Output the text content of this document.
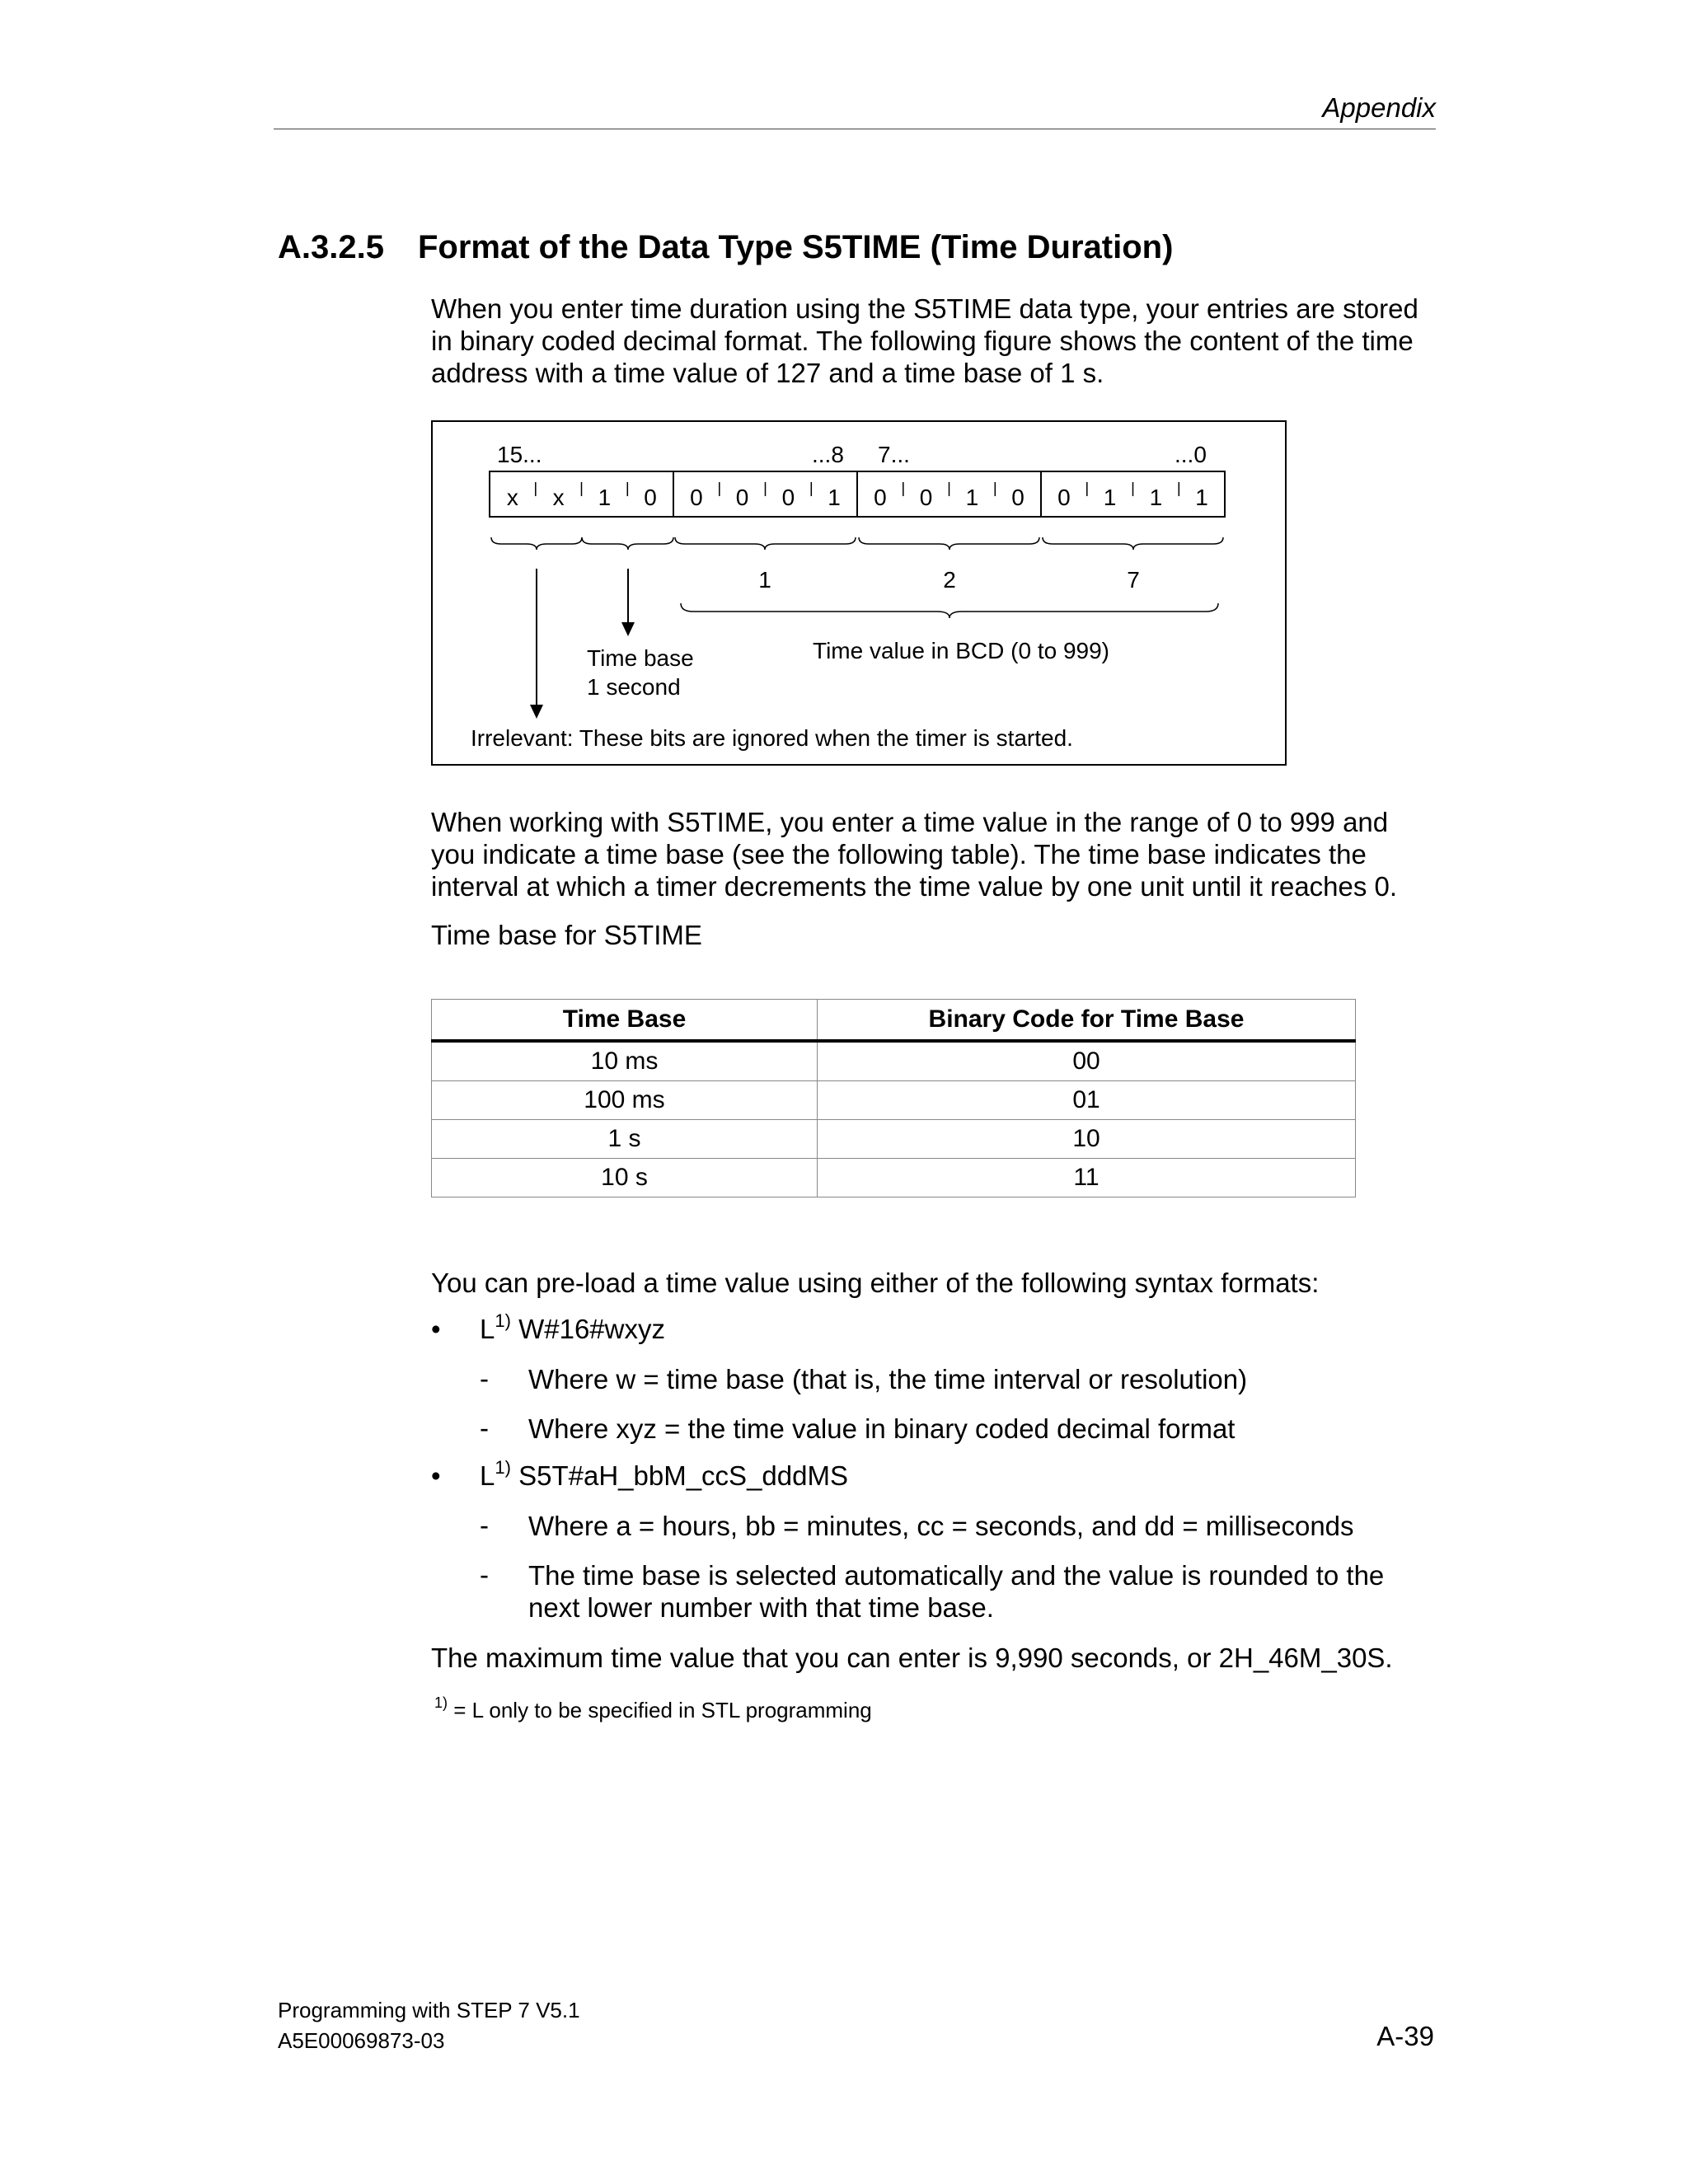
Appendix
A.3.2.5 Format of the Data Type S5TIME (Time Duration)
When you enter time duration using the S5TIME data type, your entries are stored in binary coded decimal format. The following figure shows the content of the time address with a time value of 127 and a time base of 1 s.
15...	...8 7...	...0
x x 1 0 0 0 0 1 0 0 1 0 0 1 1 1
1	2	7
Time base
1 second
Time value in BCD (0 to 999)
Irrelevant: These bits are ignored when the timer is started.
When working with S5TIME, you enter a time value in the range of 0 to 999 and you indicate a time base (see the following table). The time base indicates the interval at which a timer decrements the time value by one unit until it reaches 0.
Time base for S5TIME
Time Base	Binary Code for Time Base
10 ms	00
100 ms	01
1 s	10
10 s	11
You can pre-load a time value using either of the following syntax formats:
• $L^{1)}$ W#16#wxyz
- Where w = time base (that is, the time interval or resolution)
- Where xyz = the time value in binary coded decimal format
• $L^{1)}$ S5T#aH_bbM_ccS_dddMS
- Where a = hours, bb = minutes, cc = seconds, and dd = milliseconds
- The time base is selected automatically and the value is rounded to the next lower number with that time base.
The maximum time value that you can enter is 9,990 seconds, or 2H_46M_30S.
$^{1)}$ = L only to be specified in STL programming
Programming with STEP 7 V5.1
A5E00069873-03	A-39
